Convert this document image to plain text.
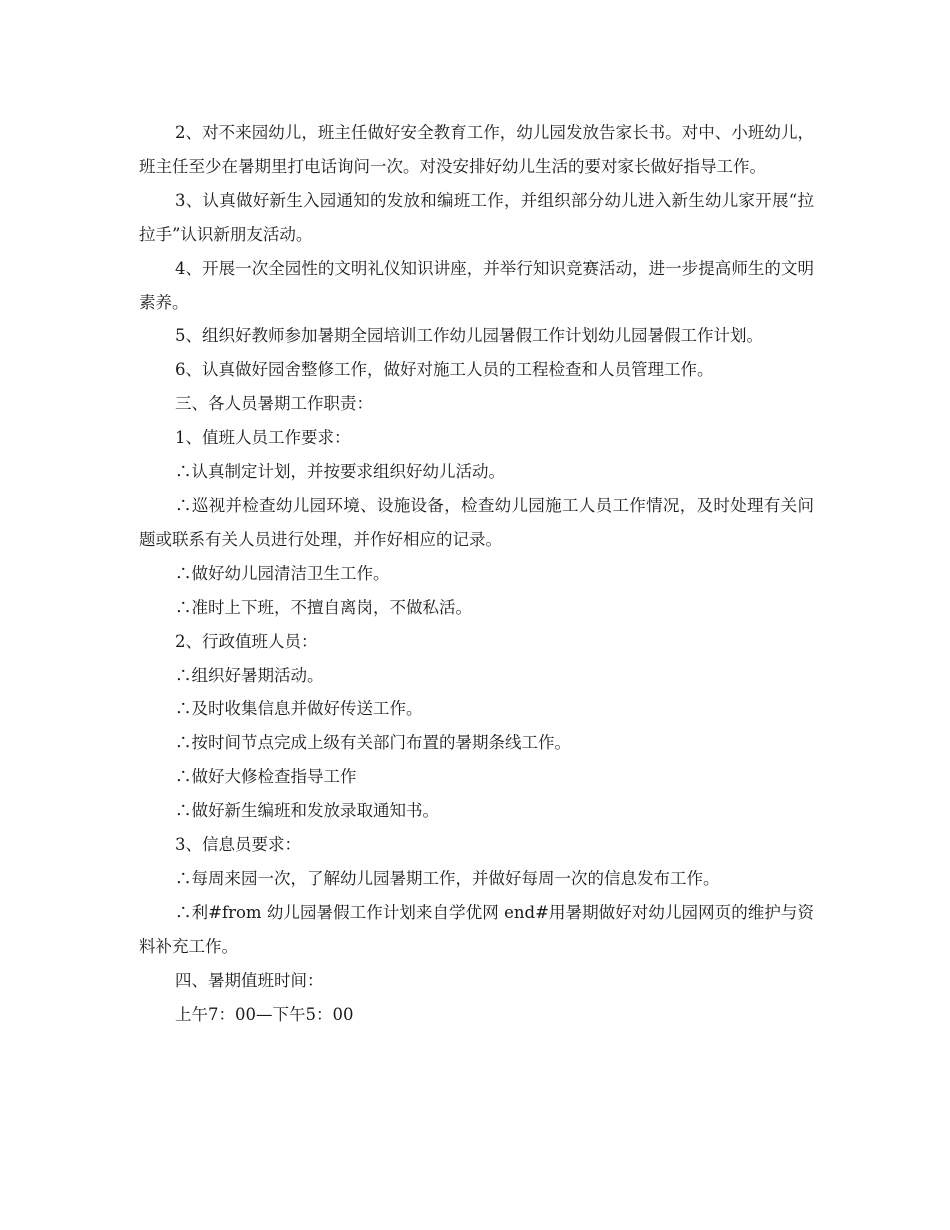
2、对不来园幼儿，班主任做好安全教育工作，幼儿园发放告家长书。对中、小班幼儿，班主任至少在暑期里打电话询问一次。对没安排好幼儿生活的要对家长做好指导工作。

3、认真做好新生入园通知的发放和编班工作，并组织部分幼儿进入新生幼儿家开展“拉拉手”认识新朋友活动。

4、开展一次全园性的文明礼仪知识讲座，并举行知识竞赛活动，进一步提高师生的文明素养。

5、组织好教师参加暑期全园培训工作幼儿园暑假工作计划幼儿园暑假工作计划。

6、认真做好园舍整修工作，做好对施工人员的工程检查和人员管理工作。

三、各人员暑期工作职责：

1、值班人员工作要求：

∴认真制定计划，并按要求组织好幼儿活动。

∴巡视并检查幼儿园环境、设施设备，检查幼儿园施工人员工作情况，及时处理有关问题或联系有关人员进行处理，并作好相应的记录。

∴做好幼儿园清洁卫生工作。

∴准时上下班，不擅自离岗，不做私活。

2、行政值班人员：

∴组织好暑期活动。

∴及时收集信息并做好传送工作。

∴按时间节点完成上级有关部门布置的暑期条线工作。

∴做好大修检查指导工作

∴做好新生编班和发放录取通知书。

3、信息员要求：

∴每周来园一次，了解幼儿园暑期工作，并做好每周一次的信息发布工作。

∴利#from 幼儿园暑假工作计划来自学优网 end#用暑期做好对幼儿园网页的维护与资料补充工作。

四、暑期值班时间：

上午7：00—下午5：00
